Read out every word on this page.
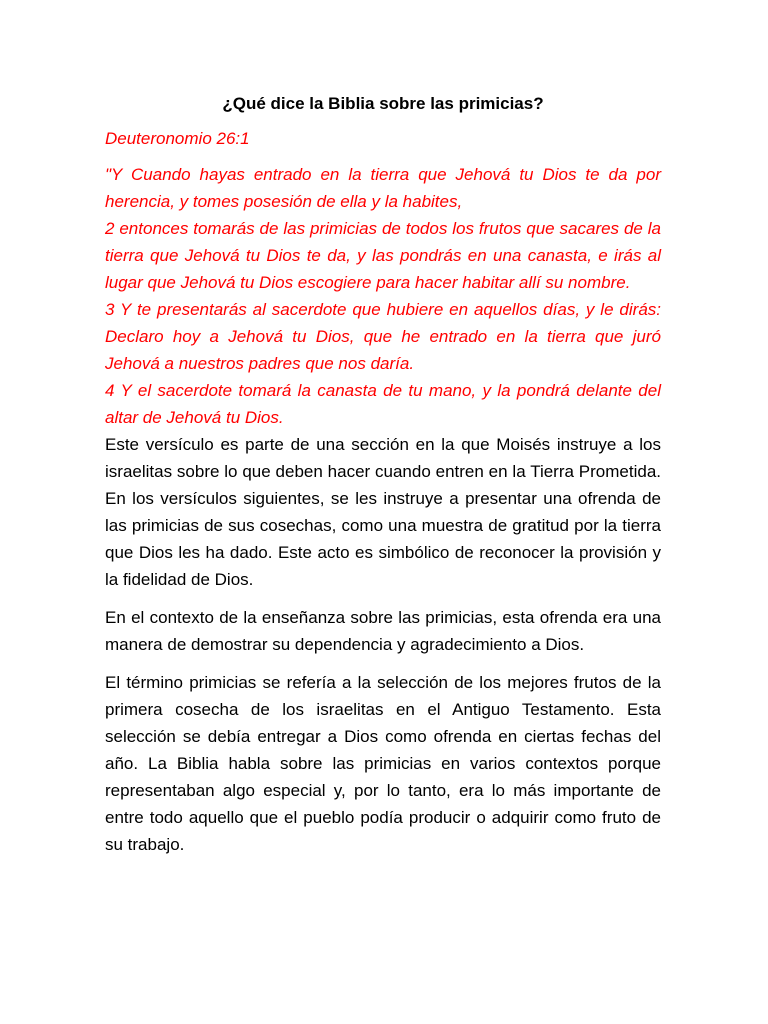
¿Qué dice la Biblia sobre las primicias?

Deuteronomio 26:1

"Y Cuando hayas entrado en la tierra que Jehová tu Dios te da por herencia, y tomes posesión de ella y la habites,
2 entonces tomarás de las primicias de todos los frutos que sacares de la tierra que Jehová tu Dios te da, y las pondrás en una canasta, e irás al lugar que Jehová tu Dios escogiere para hacer habitar allí su nombre.
3 Y te presentarás al sacerdote que hubiere en aquellos días, y le dirás: Declaro hoy a Jehová tu Dios, que he entrado en la tierra que juró Jehová a nuestros padres que nos daría.
4 Y el sacerdote tomará la canasta de tu mano, y la pondrá delante del altar de Jehová tu Dios.

Este versículo es parte de una sección en la que Moisés instruye a los israelitas sobre lo que deben hacer cuando entren en la Tierra Prometida. En los versículos siguientes, se les instruye a presentar una ofrenda de las primicias de sus cosechas, como una muestra de gratitud por la tierra que Dios les ha dado. Este acto es simbólico de reconocer la provisión y la fidelidad de Dios.

En el contexto de la enseñanza sobre las primicias, esta ofrenda era una manera de demostrar su dependencia y agradecimiento a Dios.

El término primicias se refería a la selección de los mejores frutos de la primera cosecha de los israelitas en el Antiguo Testamento. Esta selección se debía entregar a Dios como ofrenda en ciertas fechas del año. La Biblia habla sobre las primicias en varios contextos porque representaban algo especial y, por lo tanto, era lo más importante de entre todo aquello que el pueblo podía producir o adquirir como fruto de su trabajo.
